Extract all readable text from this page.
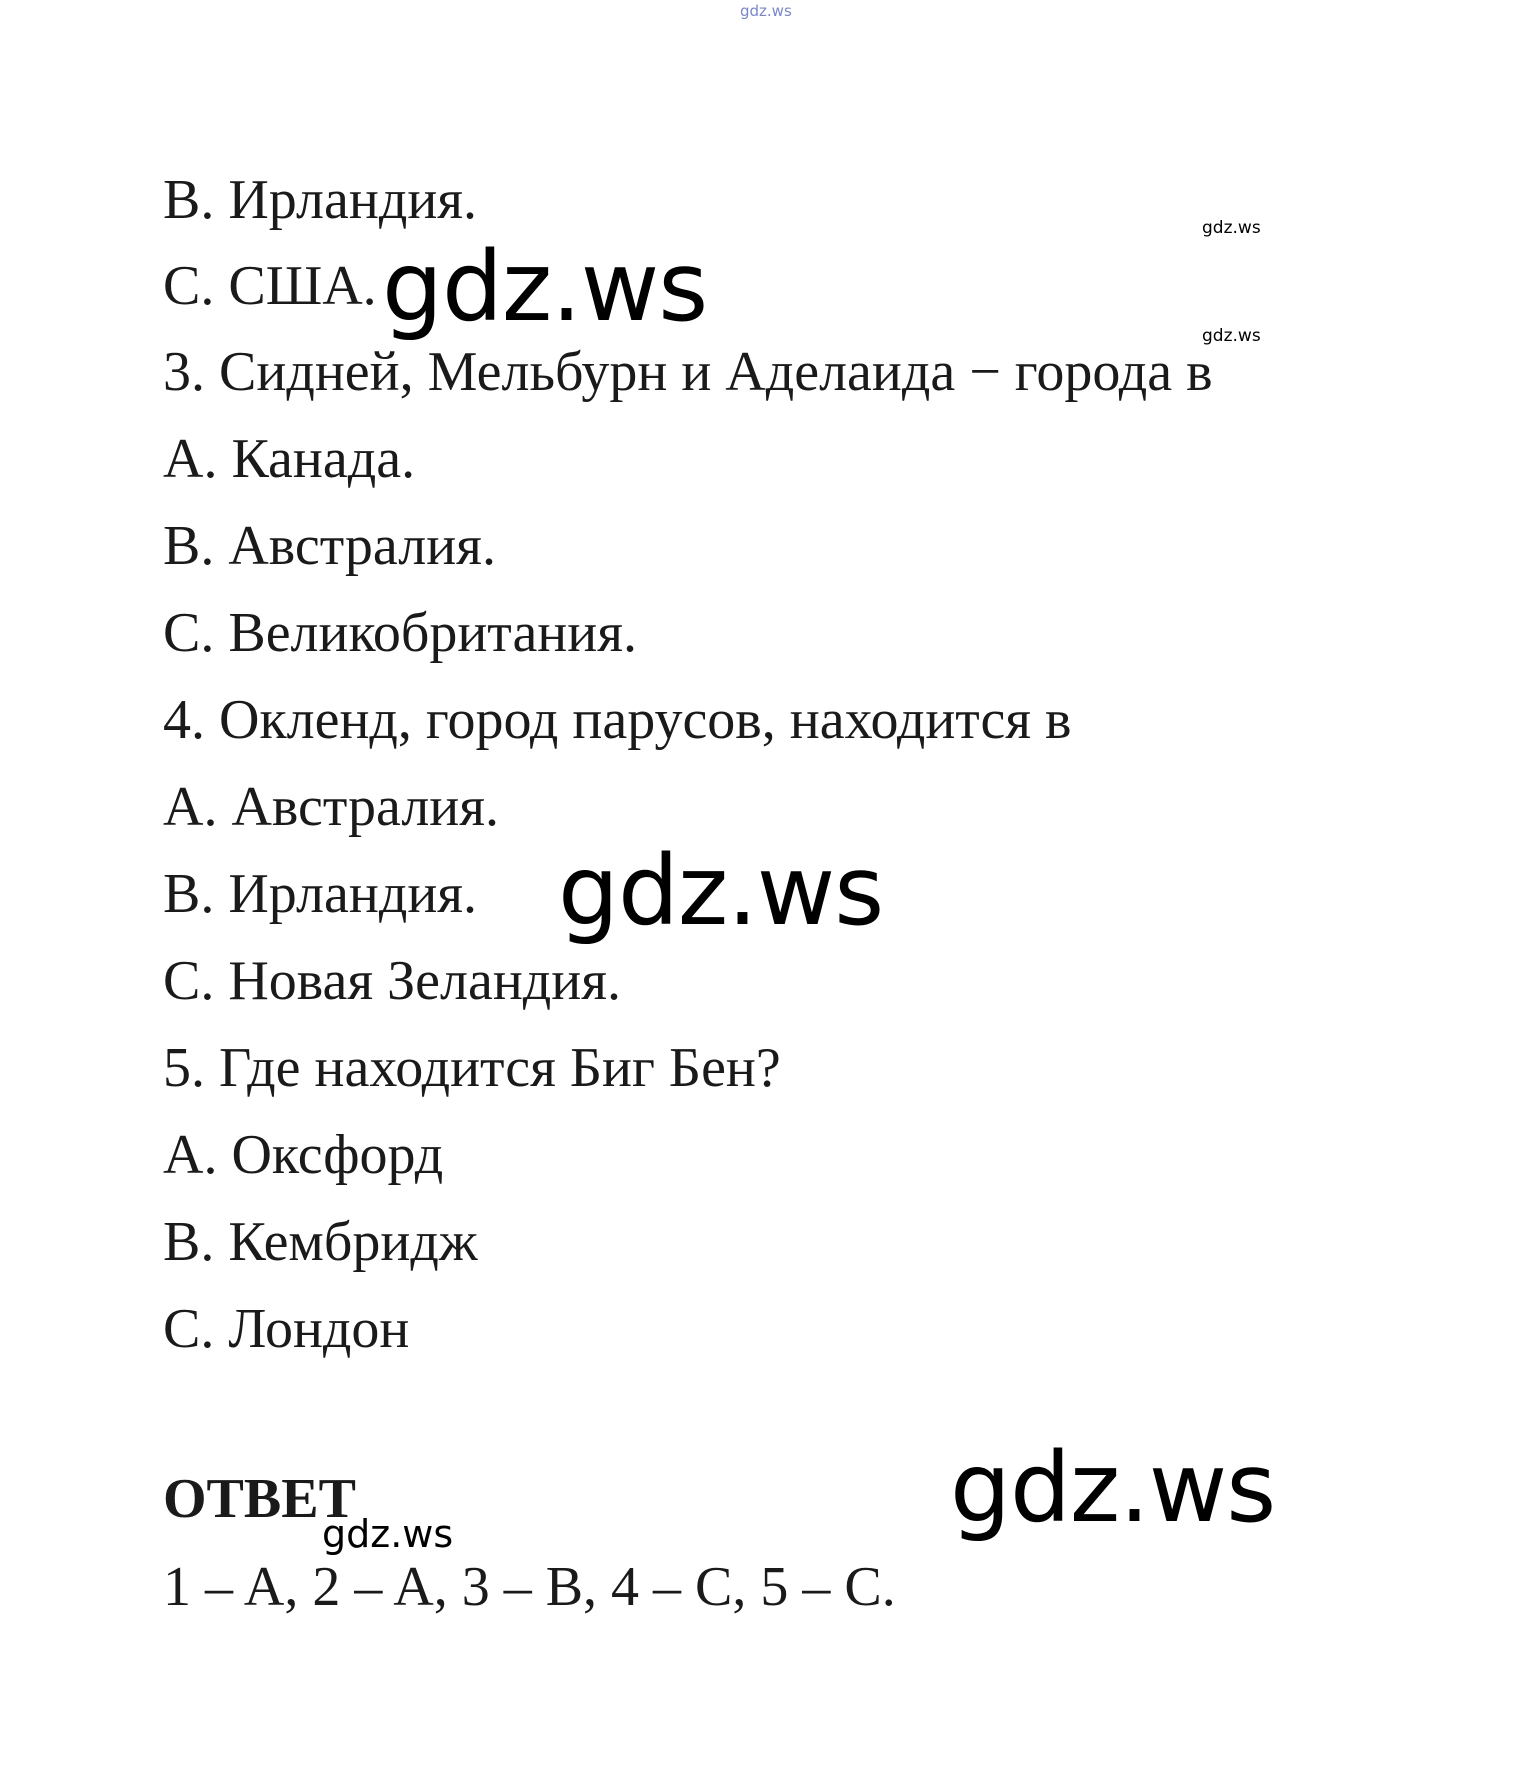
gdz.ws
B. Ирландия.	gdz.ws
C. США. gdz.ws	gdz.ws
3. Сидней, Мельбурн и Аделаида − города в
A. Канада.
B. Австралия.
C. Великобритания.
4. Окленд, город парусов, находится в
A. Австралия.
B. Ирландия. gdz.ws
C. Новая Зеландия.
5. Где находится Биг Бен?
A. Оксфорд
B. Кембридж
C. Лондон
ОТВЕТ	gdz.ws
gdz.ws
1 – A, 2 – A, 3 – B, 4 – C, 5 – C.
